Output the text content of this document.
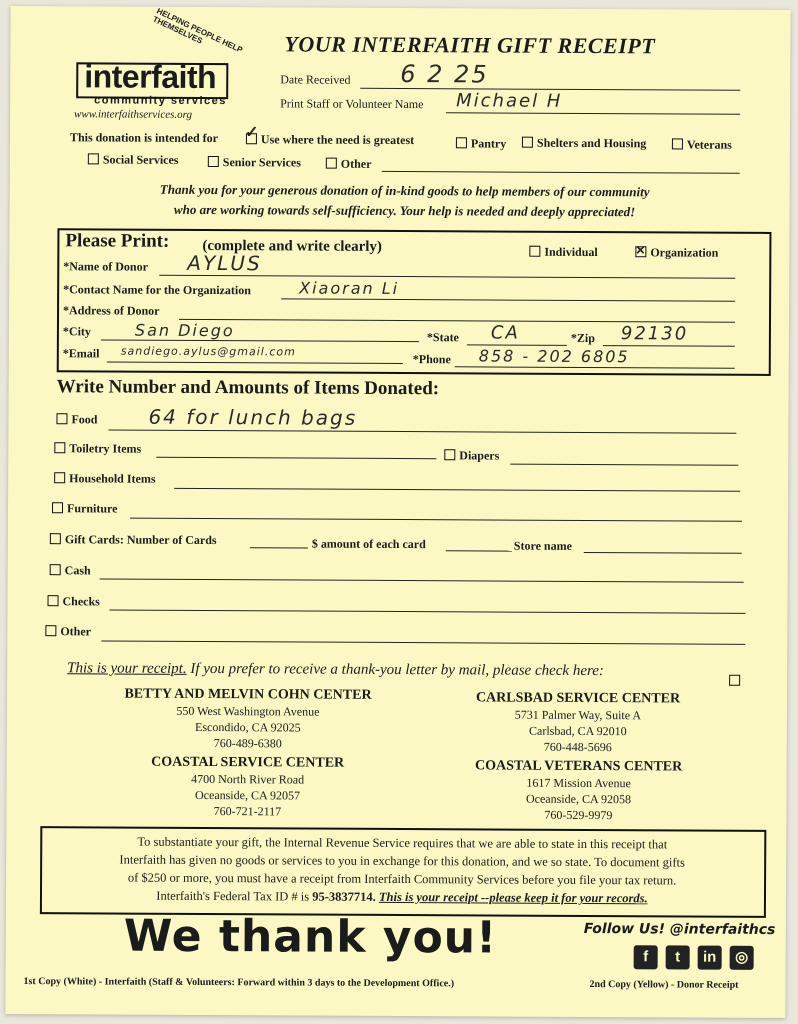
interfaith
HELPING PEOPLE HELP THEMSELVES
community services
www.interfaithservices.org
YOUR INTERFAITH GIFT RECEIPT
Date Received 6 2 25
Print Staff or Volunteer Name Michael H
This donation is intended for ✓	Use where the need is greatest	Pantry	Shelters and Housing	Veterans
Social Services	Senior Services	Other
Thank you for your generous donation of in-kind goods to help members of our community
who are working towards self-sufficiency. Your help is needed and deeply appreciated!
Please Print: (complete and write clearly)	Individual ✕	Organization
*Name of Donor AYLUS
*Contact Name for the Organization	Xiaoran Li
*Address of Donor
*City	San Diego	*State CA	*Zip 92130
*Email sandiego.aylus@gmail.com
*Phone 858 - 202 6805
Write Number and Amounts of Items Donated:
Food	64 for lunch bags
Toiletry Items	Diapers
Household Items
Furniture
Gift Cards: Number of Cards	$ amount of each card	Store name
Cash
Checks
Other
This is your receipt. If you prefer to receive a thank-you letter by mail, please check here:
BETTY AND MELVIN COHN CENTER
550 West Washington Avenue
Escondido, CA 92025
760-489-6380
CARLSBAD SERVICE CENTER
5731 Palmer Way, Suite A
Carlsbad, CA 92010
760-448-5696
COASTAL SERVICE CENTER
4700 North River Road
Oceanside, CA 92057
760-721-2117
COASTAL VETERANS CENTER
1617 Mission Avenue
Oceanside, CA 92058
760-529-9979
To substantiate your gift, the Internal Revenue Service requires that we are able to state in this receipt that
Interfaith has given no goods or services to you in exchange for this donation, and we so state. To document gifts
of $250 or more, you must have a receipt from Interfaith Community Services before you file your tax return.
Interfaith's Federal Tax ID # is 95-3837714. This is your receipt --please keep it for your records.
We thank you!	Follow Us! @interfaithcs
f t in ◎
1st Copy (White) - Interfaith (Staff & Volunteers: Forward within 3 days to the Development Office.)	2nd Copy (Yellow) - Donor Receipt
